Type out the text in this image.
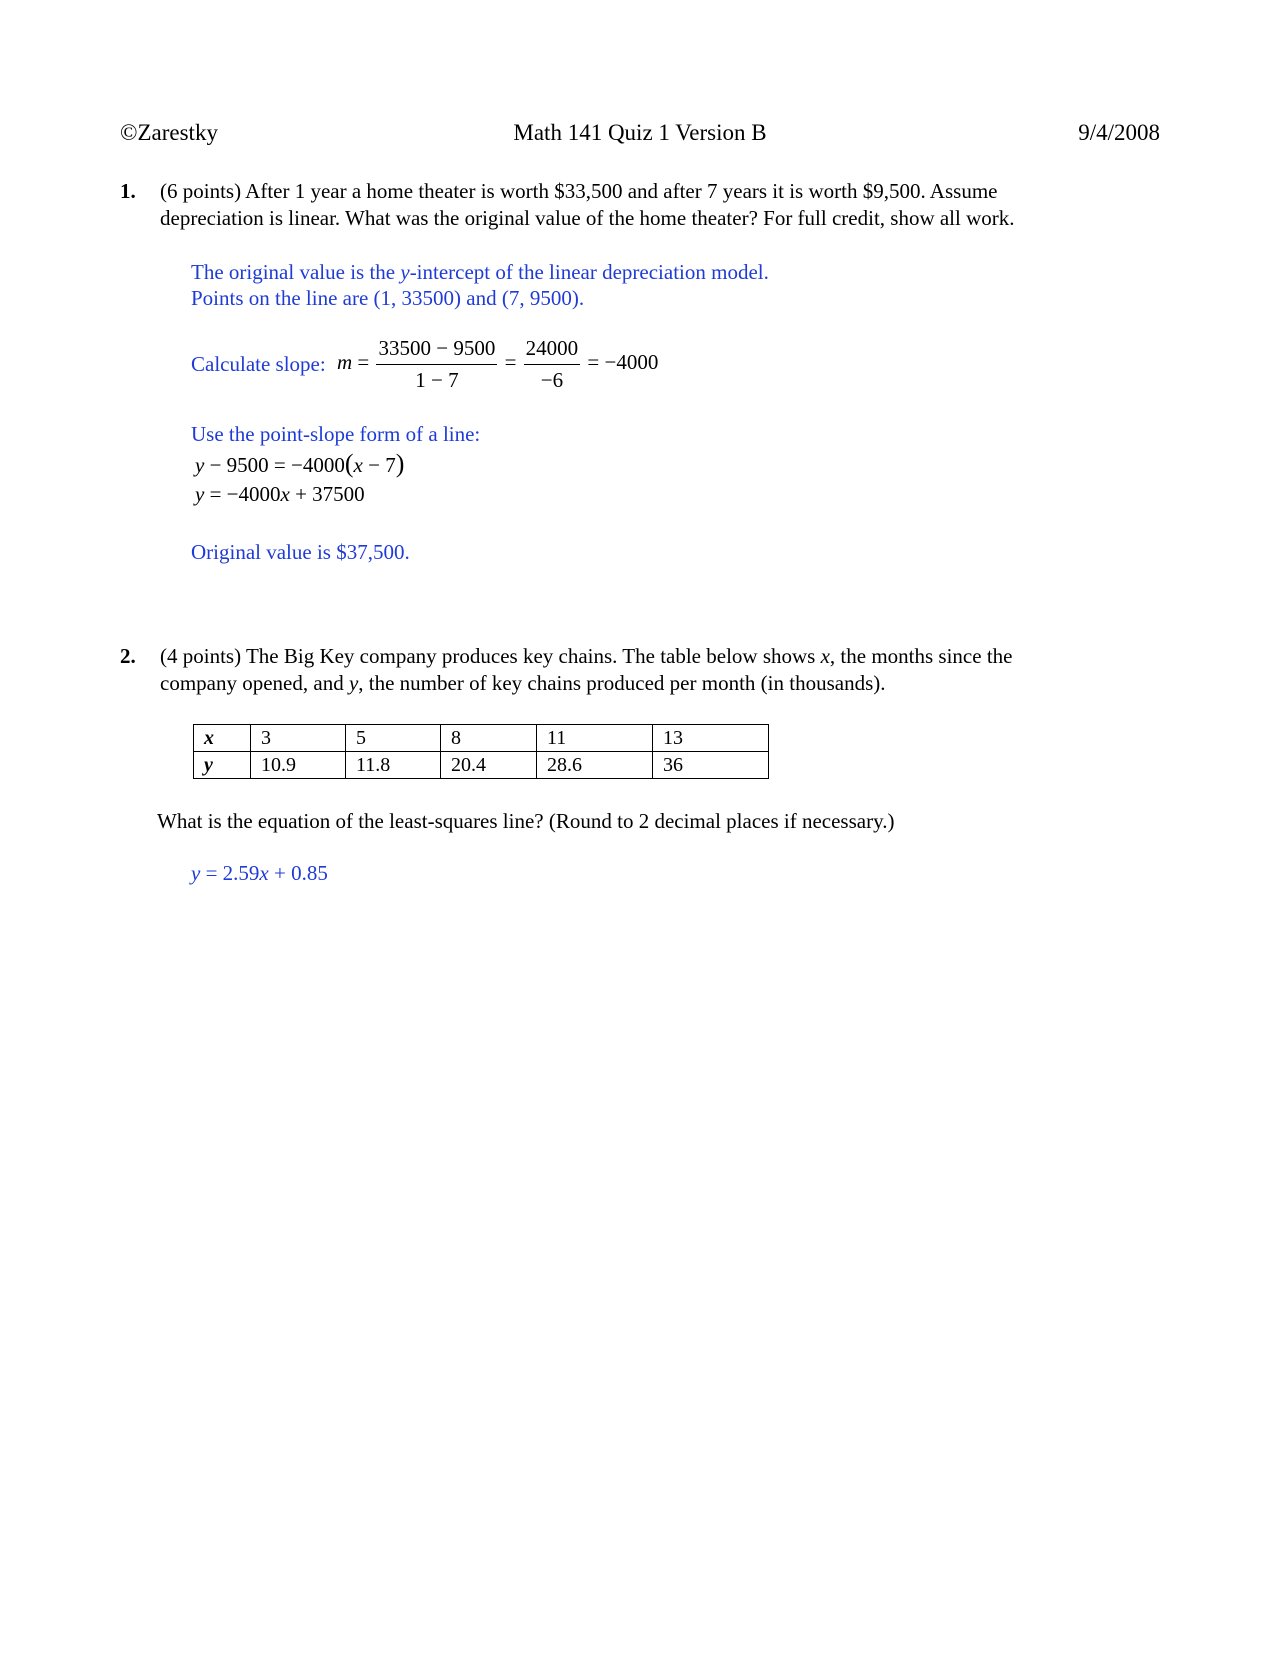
©Zarestky	Math 141 Quiz 1 Version B	9/4/2008
1. (6 points) After 1 year a home theater is worth $33,500 and after 7 years it is worth $9,500. Assume
depreciation is linear. What was the original value of the home theater? For full credit, show all work.
The original value is the y-intercept of the linear depreciation model.
Points on the line are (1, 33500) and (7, 9500).
Calculate slope: $m = \frac{33500 - 9500}{1 - 7} = \frac{24000}{-6} = -4000$
Use the point-slope form of a line:
y − 9500 = −4000(x − 7)
y = −4000x + 37500
Original value is $37,500.
2. (4 points) The Big Key company produces key chains. The table below shows x, the months since the
company opened, and y, the number of key chains produced per month (in thousands).
x	3	5	8	11	13
y	10.9	11.8	20.4	28.6	36
What is the equation of the least-squares line? (Round to 2 decimal places if necessary.)
y = 2.59x + 0.85
